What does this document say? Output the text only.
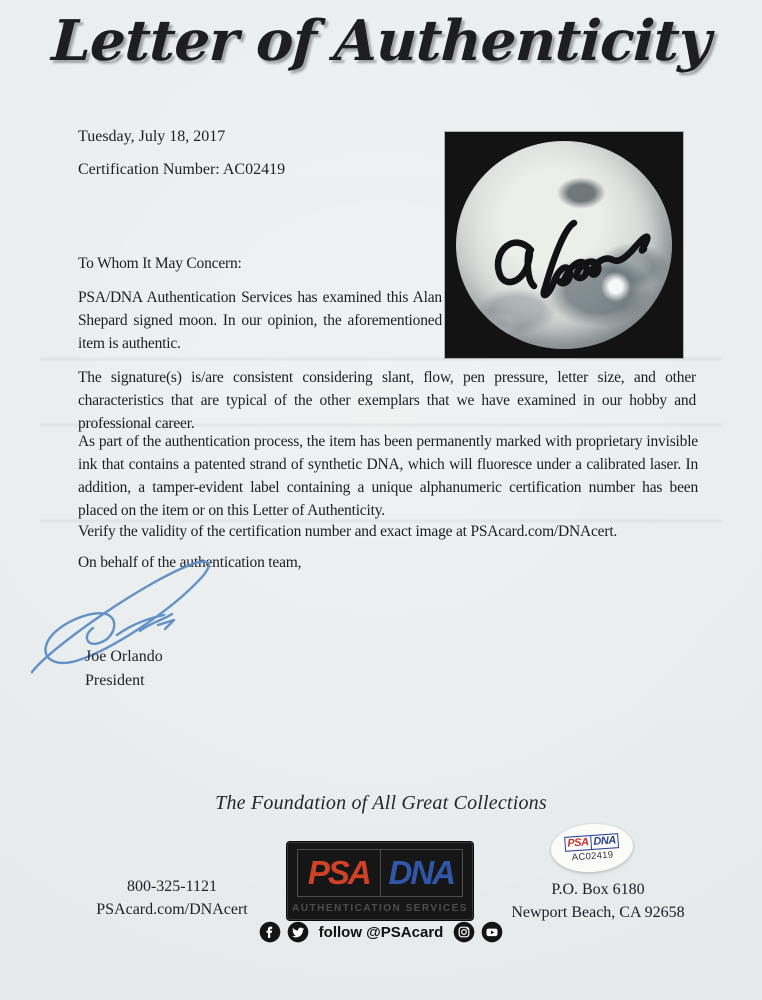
Letter of Authenticity
Tuesday, July 18, 2017
Certification Number: AC02419
To Whom It May Concern:
PSA/DNA Authentication Services has examined this Alan Shepard signed moon. In our opinion, the aforementioned item is authentic.
The signature(s) is/are consistent considering slant, flow, pen pressure, letter size, and other characteristics that are typical of the other exemplars that we have examined in our hobby and professional career.
As part of the authentication process, the item has been permanently marked with proprietary invisible ink that contains a patented strand of synthetic DNA, which will fluoresce under a calibrated laser. In addition, a tamper-evident label containing a unique alphanumeric certification number has been placed on the item or on this Letter of Authenticity.
Verify the validity of the certification number and exact image at PSAcard.com/DNAcert.
On behalf of the authentication team,
Joe Orlando
President
The Foundation of All Great Collections
PSA DNA
AUTHENTICATION SERVICES
follow @PSAcard
800-325-1121
PSAcard.com/DNAcert
P.O. Box 6180
Newport Beach, CA 92658
PSA DNA
AC02419
